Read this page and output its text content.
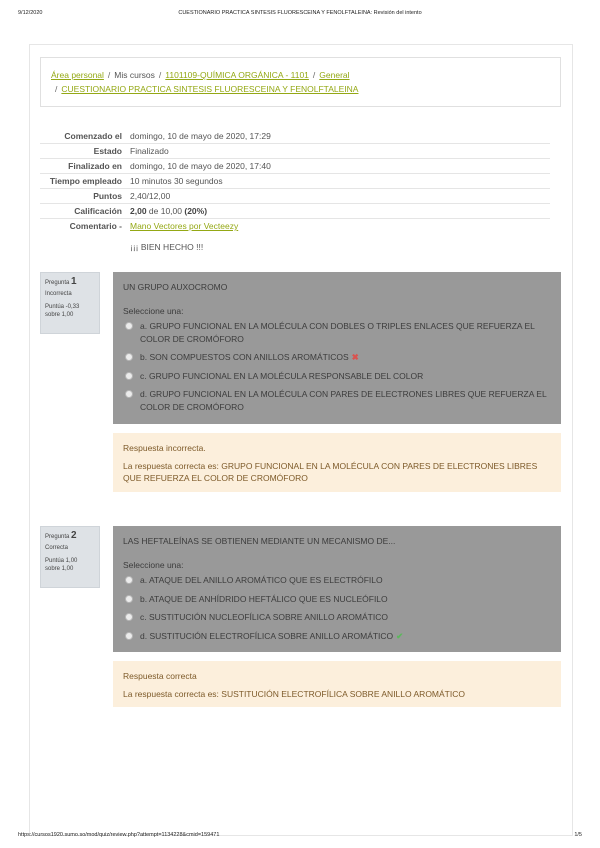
9/12/2020	CUESTIONARIO PRACTICA SINTESIS FLUORESCEINA Y FENOLFTALEINA: Revisión del intento
Área personal / Mis cursos / 1101109-QUÍMICA ORGÁNICA - 1101 / General
/ CUESTIONARIO PRACTICA SINTESIS FLUORESCEINA Y FENOLFTALEINA
Comenzado el	domingo, 10 de mayo de 2020, 17:29
Estado	Finalizado
Finalizado en	domingo, 10 de mayo de 2020, 17:40
Tiempo empleado	10 minutos 30 segundos
Puntos	2,40/12,00
Calificación	2,00 de 10,00 (20%)
Comentario -	Mano Vectores por Vecteezy
¡¡¡ BIEN HECHO !!!
Pregunta 1
Incorrecta
Puntúa -0,33
sobre 1,00
UN GRUPO AUXOCROMO
Seleccione una:
a. GRUPO FUNCIONAL EN LA MOLÉCULA CON DOBLES O TRIPLES ENLACES QUE REFUERZA EL COLOR DE CROMÓFORO
b. SON COMPUESTOS CON ANILLOS AROMÁTICOS ✖
c. GRUPO FUNCIONAL EN LA MOLÉCULA RESPONSABLE DEL COLOR
d. GRUPO FUNCIONAL EN LA MOLÉCULA CON PARES DE ELECTRONES LIBRES QUE REFUERZA EL COLOR DE CROMÓFORO
Respuesta incorrecta.
La respuesta correcta es: GRUPO FUNCIONAL EN LA MOLÉCULA CON PARES DE ELECTRONES LIBRES QUE REFUERZA EL COLOR DE CROMÓFORO
Pregunta 2
Correcta
Puntúa 1,00
sobre 1,00
LAS HEFTALEÍNAS SE OBTIENEN MEDIANTE UN MECANISMO DE...
Seleccione una:
a. ATAQUE DEL ANILLO AROMÁTICO QUE ES ELECTRÓFILO
b. ATAQUE DE ANHÍDRIDO HEFTÁLICO QUE ES NUCLEÓFILO
c. SUSTITUCIÓN NUCLEOFÍLICA SOBRE ANILLO AROMÁTICO
d. SUSTITUCIÓN ELECTROFÍLICA SOBRE ANILLO AROMÁTICO ✔
Respuesta correcta
La respuesta correcta es: SUSTITUCIÓN ELECTROFÍLICA SOBRE ANILLO AROMÁTICO
https://cursos1920.sumo.so/mod/quiz/review.php?attempt=1134228&cmid=159471	1/5
